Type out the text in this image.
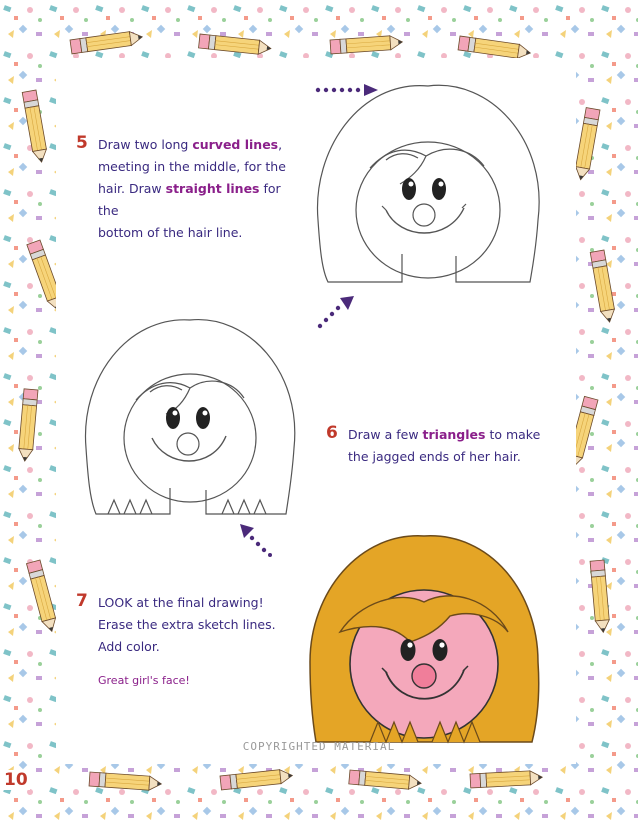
5 Draw two long curved lines,
meeting in the middle, for the
hair. Draw straight lines for the
bottom of the hair line.
6 Draw a few triangles to make
the jagged ends of her hair.
7 LOOK at the final drawing!
Erase the extra sketch lines.
Add color.
Great girl's face!
COPYRIGHTED MATERIAL
10
